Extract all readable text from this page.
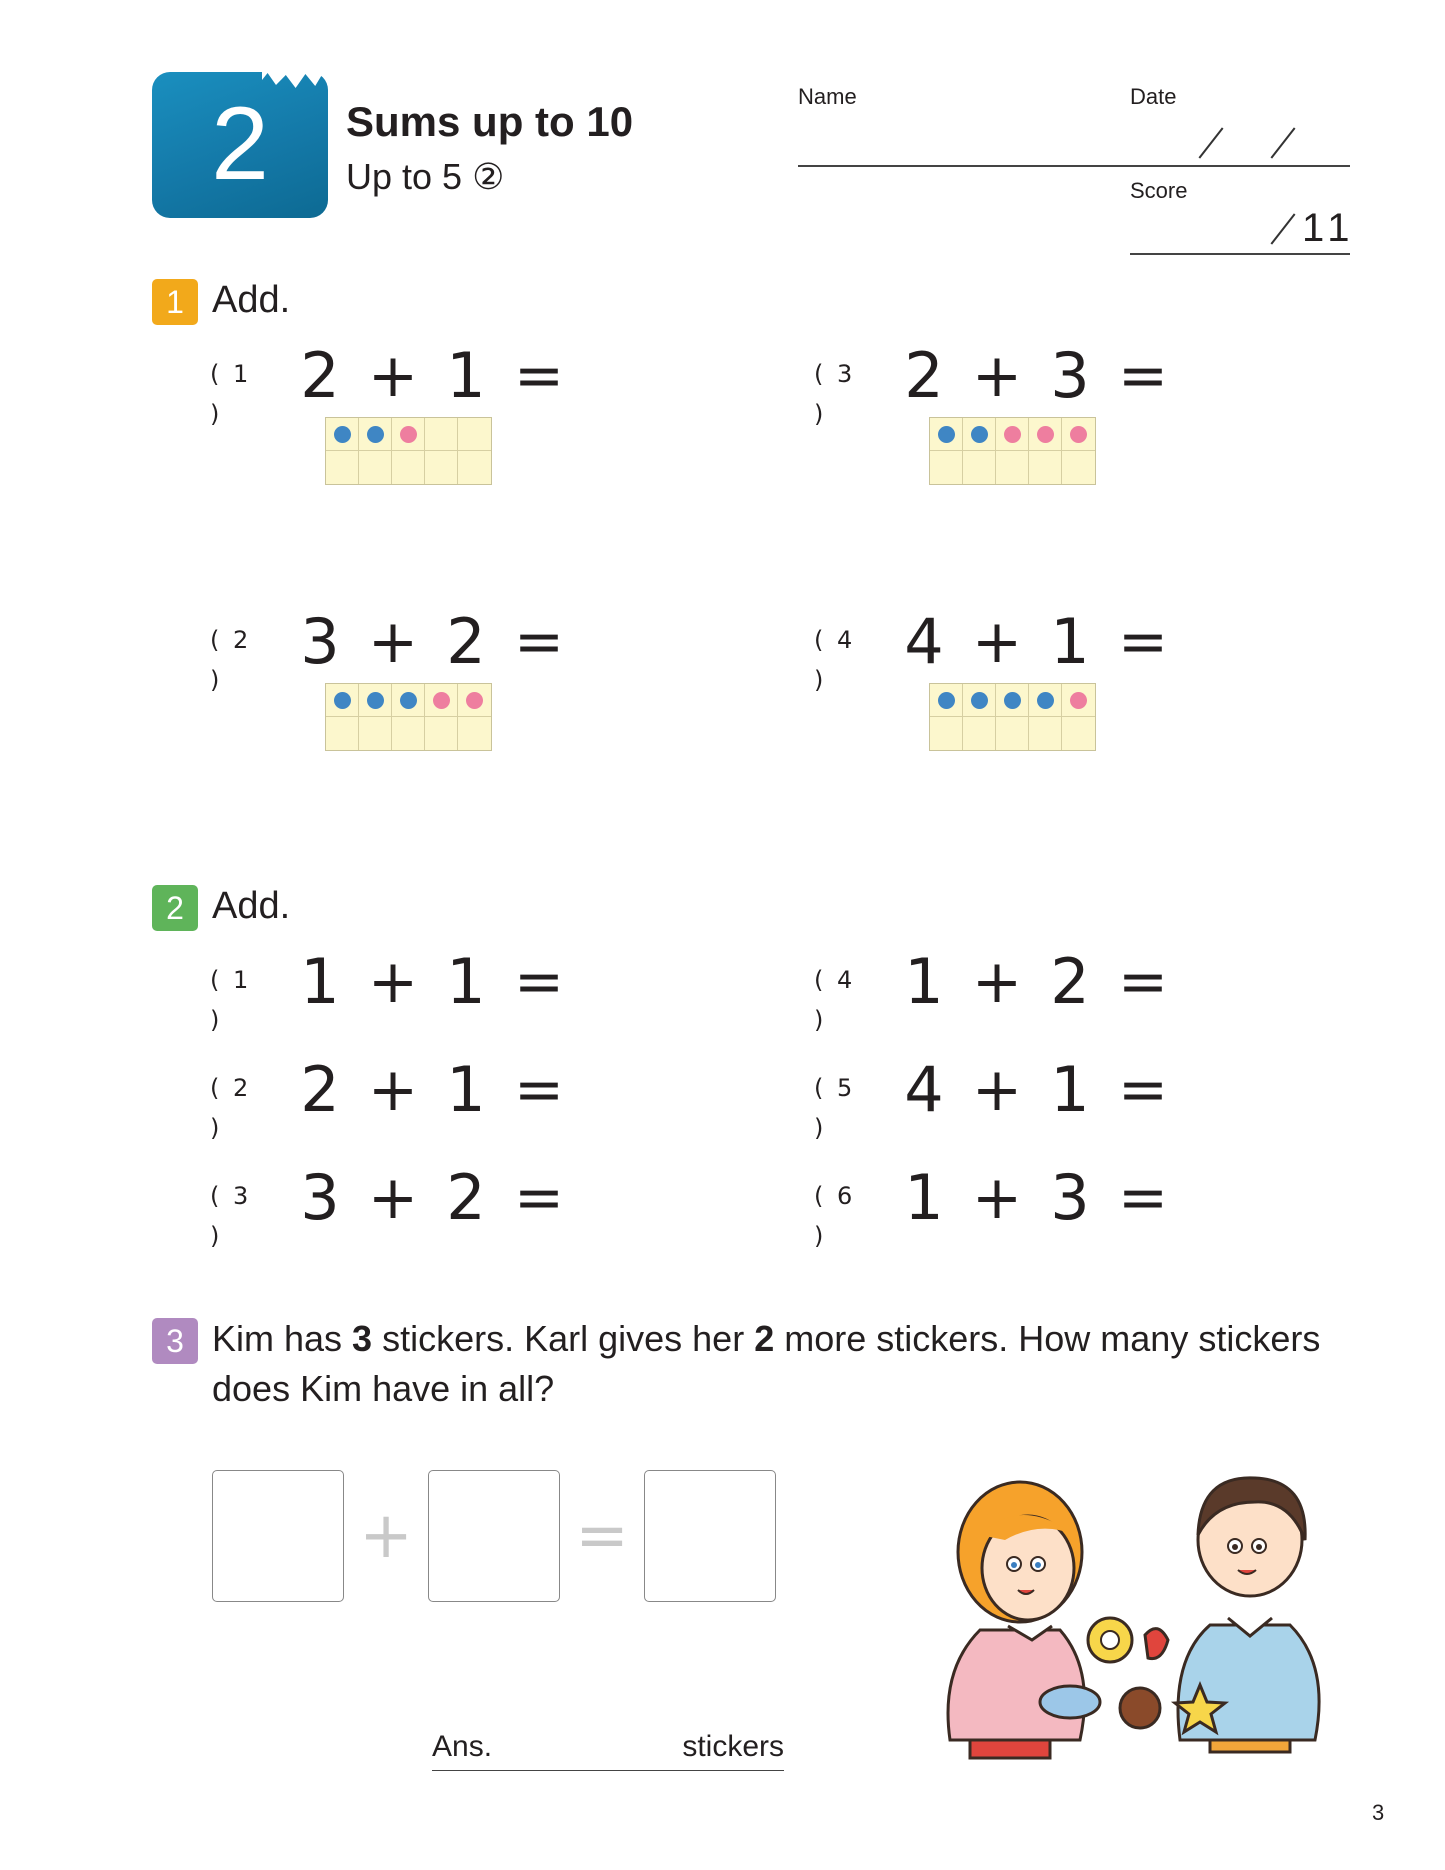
2	Sums up to 10
Up to 5 ②
Name	Date
Score
11
1 Add.
( 1 )
2 + 1 =
( 2 )
3 + 2 =
( 3 )
2 + 3 =
( 4 )
4 + 1 =
2 Add.
( 1 )
1 + 1 =
( 2 )
2 + 1 =
( 3 )
3 + 2 =
( 4 )
1 + 2 =
( 5 )
4 + 1 =
( 6 )
1 + 3 =
3 Kim has 3 stickers. Karl gives her 2 more stickers. How many stickers does Kim have in all?
+	=
Ans.	stickers
3
